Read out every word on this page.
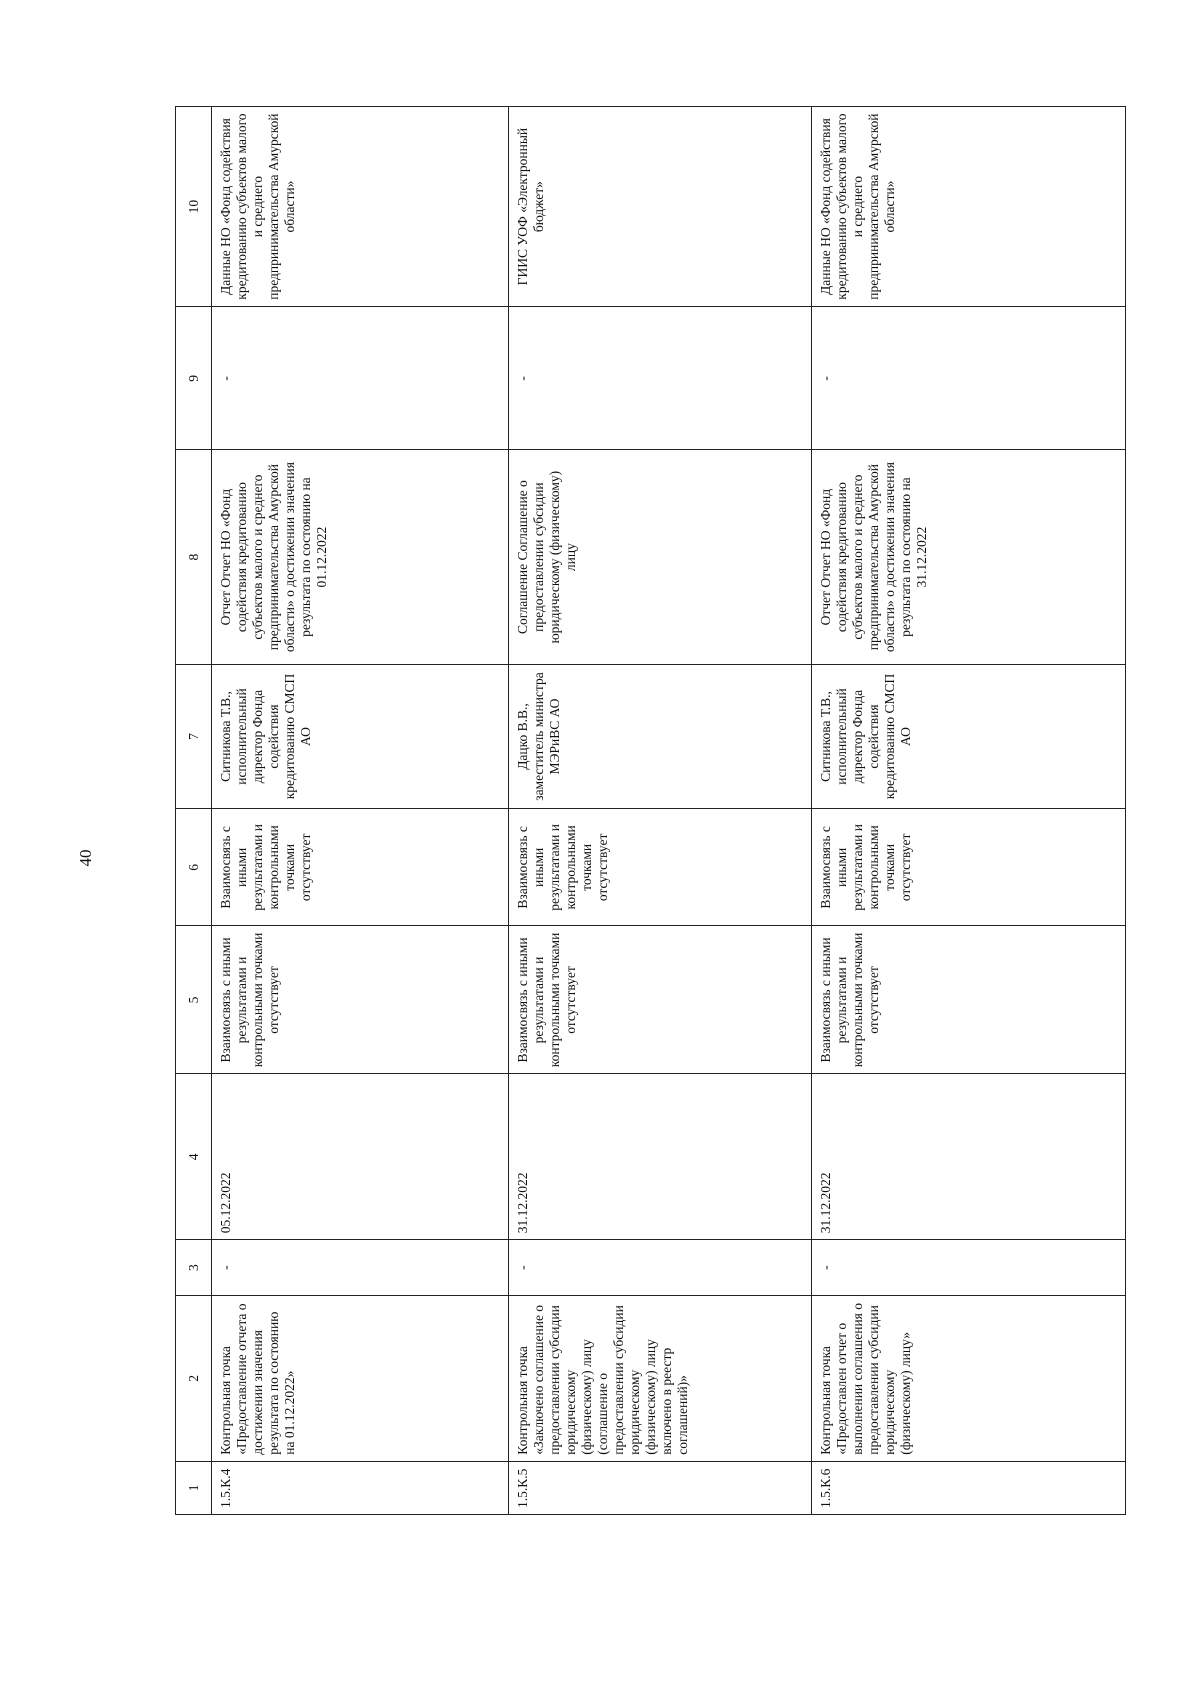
40
1	2	3	4	5	6	7	8	9	10
1.5.К.4	Контрольная точка «Предоставление отчета о достижении значения результата по состоянию на 01.12.2022»	-	05.12.2022	Взаимосвязь с иными результатами и контрольными точками отсутствует	Взаимосвязь с иными результатами и контрольными точками отсутствует	Ситникова Т.В., исполнительный директор Фонда содействия кредитованию СМСП АО	Отчет Отчет НО «Фонд содействия кредитованию субъектов малого и среднего предпринимательства Амурской области» о достижении значения результата по состоянию на 01.12.2022	-	Данные НО «Фонд содействия кредитованию субъектов малого и среднего предпринимательства Амурской области»
1.5.К.5	Контрольная точка «Заключено соглашение о предоставлении субсидии юридическому (физическому) лицу (соглашение о предоставлении субсидии юридическому (физическому) лицу включено в реестр соглашений)»	-	31.12.2022	Взаимосвязь с иными результатами и контрольными точками отсутствует	Взаимосвязь с иными результатами и контрольными точками отсутствует	Дацко В.В., заместитель министра МЭРиВС АО	Соглашение Соглашение о предоставлении субсидии юридическому (физическому) лицу	-	ГИИС УОФ «Электронный бюджет»
1.5.К.6	Контрольная точка «Предоставлен отчет о выполнении соглашения о предоставлении субсидии юридическому (физическому) лицу»	-	31.12.2022	Взаимосвязь с иными результатами и контрольными точками отсутствует	Взаимосвязь с иными результатами и контрольными точками отсутствует	Ситникова Т.В., исполнительный директор Фонда содействия кредитованию СМСП АО	Отчет Отчет НО «Фонд содействия кредитованию субъектов малого и среднего предпринимательства Амурской области» о достижении значения результата по состоянию на 31.12.2022	-	Данные НО «Фонд содействия кредитованию субъектов малого и среднего предпринимательства Амурской области»
